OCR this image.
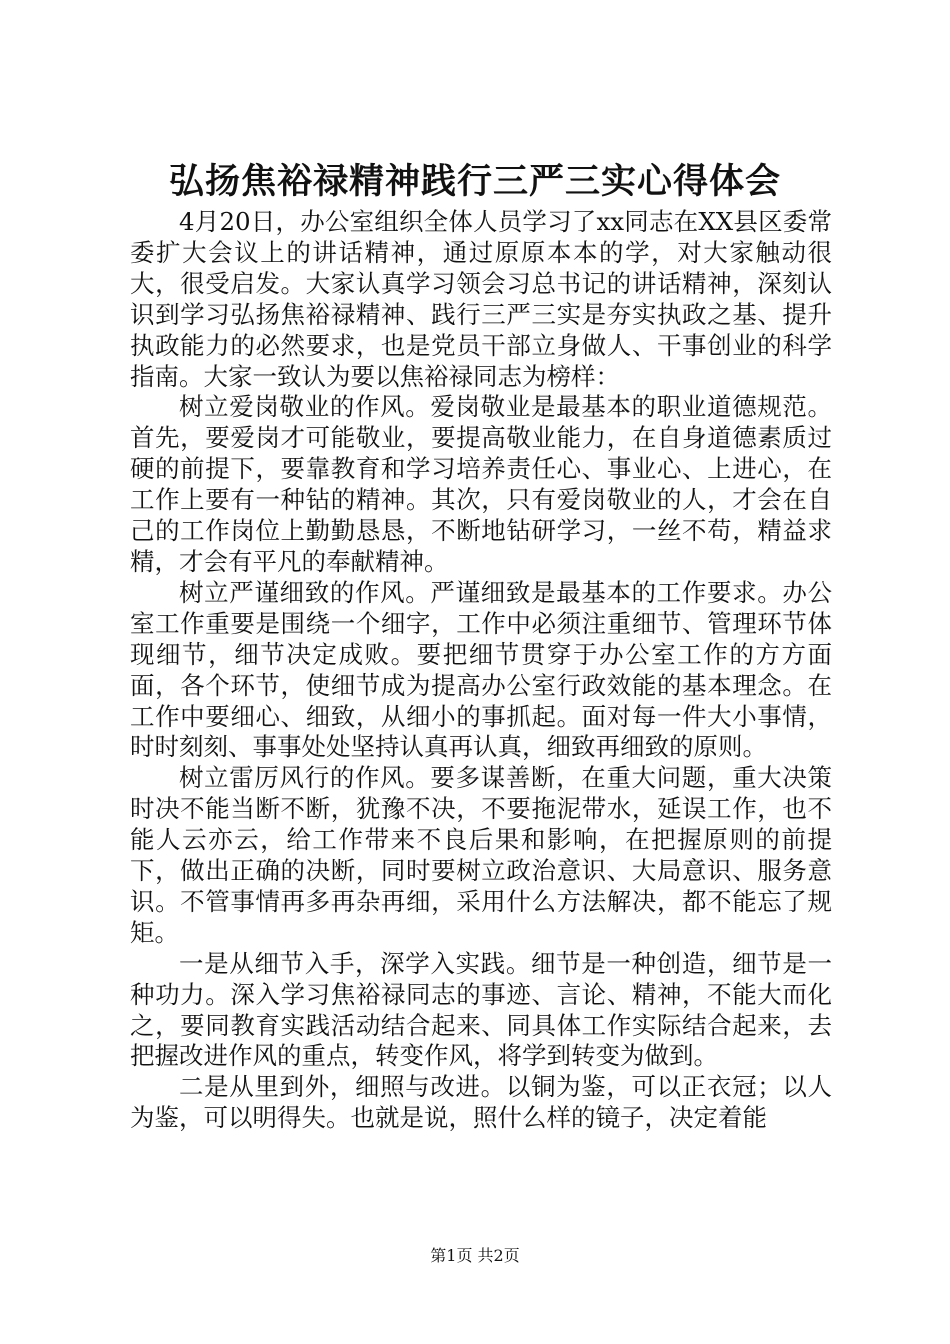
弘扬焦裕禄精神践行三严三实心得体会

4月20日，办公室组织全体人员学习了xx同志在XX县区委常委扩大会议上的讲话精神，通过原原本本的学，对大家触动很大，很受启发。大家认真学习领会习总书记的讲话精神，深刻认识到学习弘扬焦裕禄精神、践行三严三实是夯实执政之基、提升执政能力的必然要求，也是党员干部立身做人、干事创业的科学指南。大家一致认为要以焦裕禄同志为榜样：

树立爱岗敬业的作风。爱岗敬业是最基本的职业道德规范。首先，要爱岗才可能敬业，要提高敬业能力，在自身道德素质过硬的前提下，要靠教育和学习培养责任心、事业心、上进心，在工作上要有一种钻的精神。其次，只有爱岗敬业的人，才会在自己的工作岗位上勤勤恳恳，不断地钻研学习，一丝不苟，精益求精，才会有平凡的奉献精神。

树立严谨细致的作风。严谨细致是最基本的工作要求。办公室工作重要是围绕一个细字，工作中必须注重细节、管理环节体现细节，细节决定成败。要把细节贯穿于办公室工作的方方面面，各个环节，使细节成为提高办公室行政效能的基本理念。在工作中要细心、细致，从细小的事抓起。面对每一件大小事情，时时刻刻、事事处处坚持认真再认真，细致再细致的原则。

树立雷厉风行的作风。要多谋善断，在重大问题，重大决策时决不能当断不断，犹豫不决，不要拖泥带水，延误工作，也不能人云亦云，给工作带来不良后果和影响，在把握原则的前提下，做出正确的决断，同时要树立政治意识、大局意识、服务意识。不管事情再多再杂再细，采用什么方法解决，都不能忘了规矩。

一是从细节入手，深学入实践。细节是一种创造，细节是一种功力。深入学习焦裕禄同志的事迹、言论、精神，不能大而化之，要同教育实践活动结合起来、同具体工作实际结合起来，去把握改进作风的重点，转变作风，将学到转变为做到。

二是从里到外，细照与改进。以铜为鉴，可以正衣冠；以人为鉴，可以明得失。也就是说，照什么样的镜子，决定着能

第1页 共2页
